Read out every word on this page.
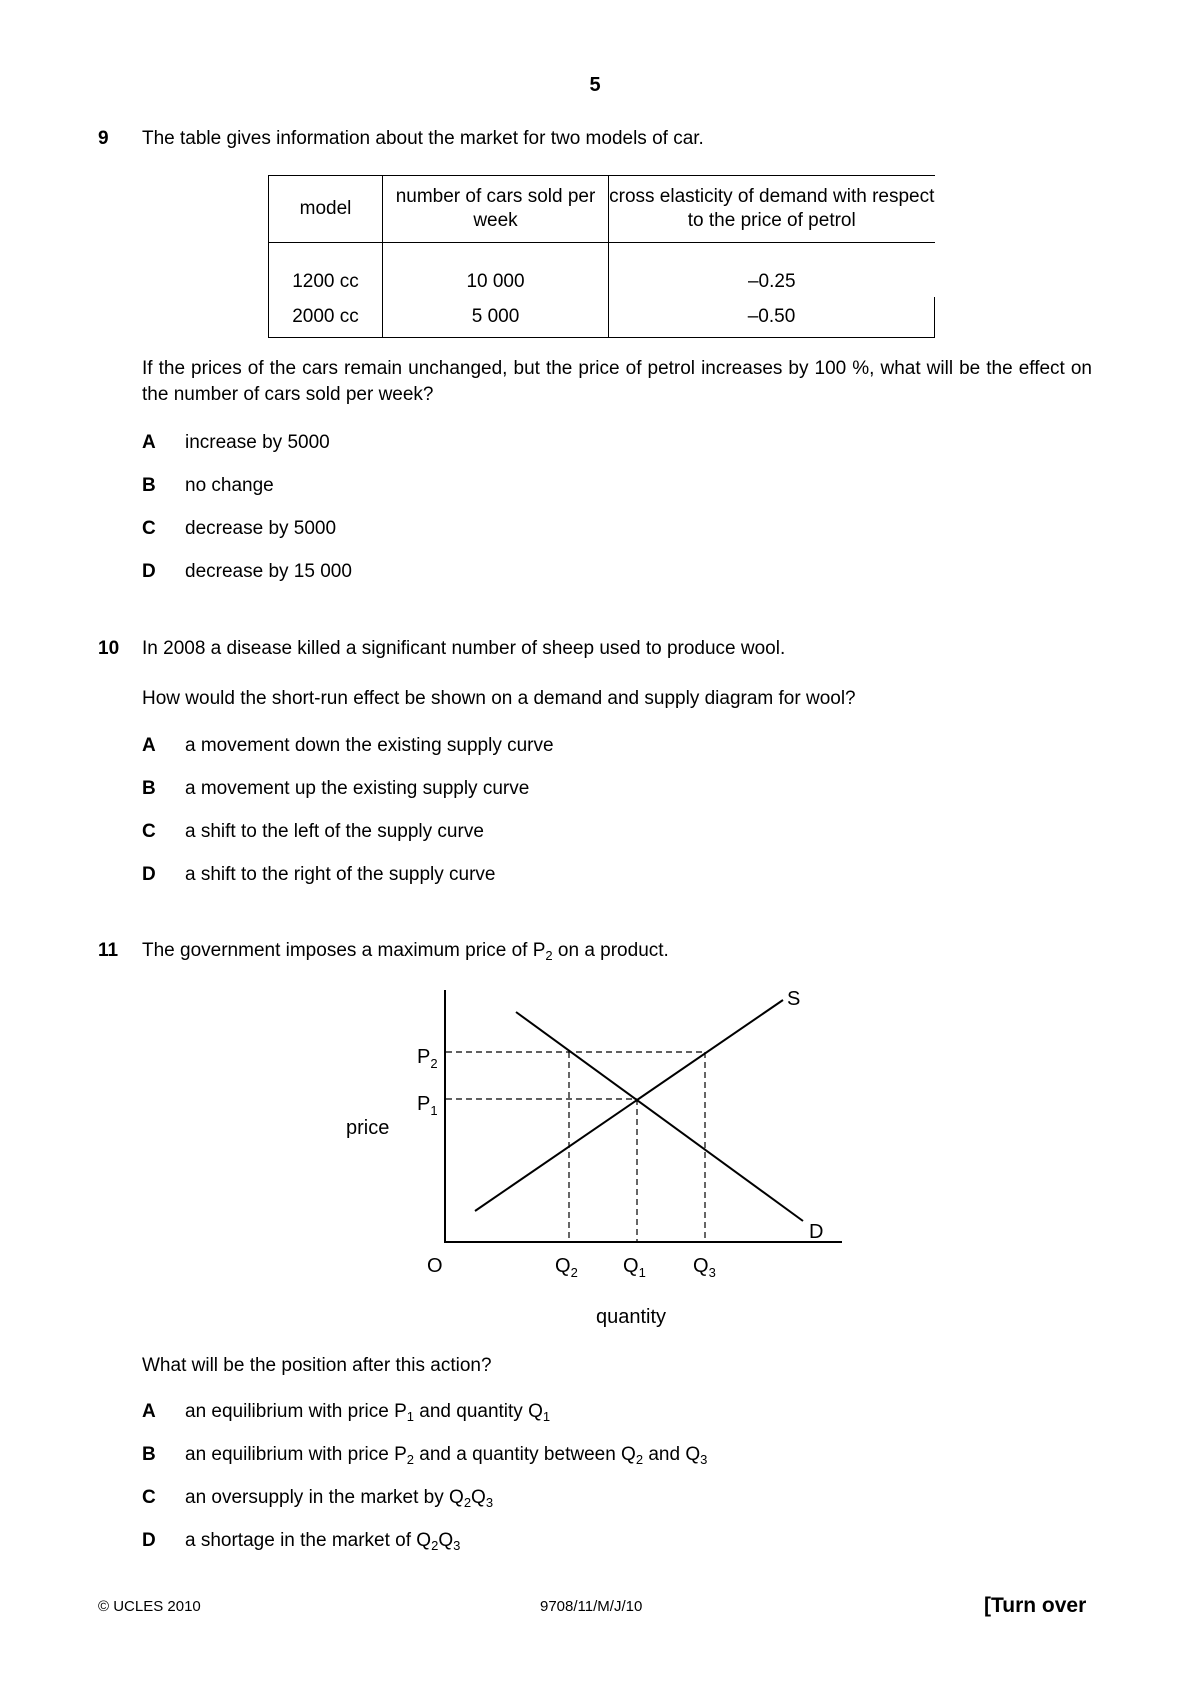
5
9 The table gives information about the market for two models of car.
model	number of cars sold per week	cross elasticity of demand with respect to the price of petrol
1200 cc	10 000	–0.25
2000 cc	5 000	–0.50
If the prices of the cars remain unchanged, but the price of petrol increases by 100 %, what will be the effect on the number of cars sold per week?
A increase by 5000
B no change
C decrease by 5000
D decrease by 15 000
10 In 2008 a disease killed a significant number of sheep used to produce wool.
How would the short-run effect be shown on a demand and supply diagram for wool?
A a movement down the existing supply curve
B a movement up the existing supply curve
C a shift to the left of the supply curve
D a shift to the right of the supply curve
11 The government imposes a maximum price of $P_2$ on a product.
S
D
price
quantity
O
$P_2$
$P_1$
$Q_2$ $Q_1$ $Q_3$
What will be the position after this action?
A an equilibrium with price $P_1$ and quantity $Q_1$
B an equilibrium with price $P_2$ and a quantity between $Q_2$ and $Q_3$
C an oversupply in the market by $Q_2Q_3$
D a shortage in the market of $Q_2Q_3$
© UCLES 2010	9708/11/M/J/10	[Turn over
